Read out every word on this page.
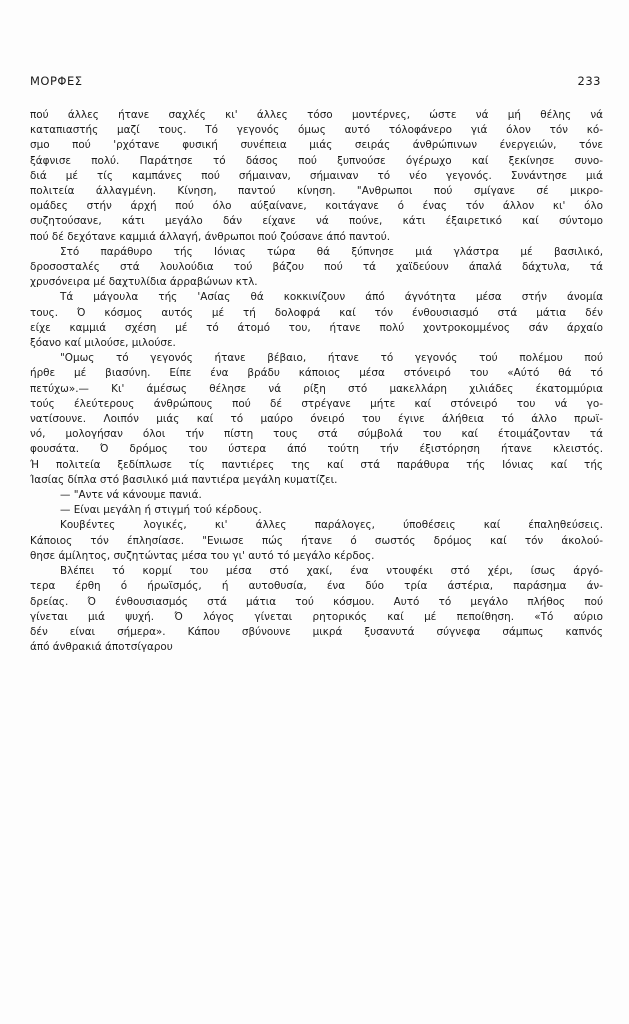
ΜΟΡΦΕΣ	233
πού άλλες ήτανε σαχλές κι' άλλες τόσο μοντέρνες, ώστε νά μή θέλης νά
καταπιαστής μαζί τους. Τό γεγονός όμως αυτό τόλοφάνερο γιά όλον τόν κό-
σμο πού 'ρχότανε φυσική συνέπεια μιάς σειράς άνθρώπινων ένεργειών, τόνε
ξάφνισε πολύ. Παράτησε τό δάσος πού ξυπνούσε όγέρωχο καί ξεκίνησε συνο-
διά μέ τίς καμπάνες πού σήμαιναν, σήμαιναν τό νέο γεγονός. Συνάντησε μιά
πολιτεία άλλαγμένη. Κίνηση, παντού κίνηση. "Ανθρωποι πού σμίγανε σέ μικρο-
ομάδες στήν άρχή πού όλο αύξαίνανε, κοιτάγανε ό ένας τόν άλλον κι' όλο
συζητούσανε, κάτι μεγάλο δάν είχανε νά πούνε, κάτι έξαιρετικό καί σύντομο
πού δέ δεχότανε καμμιά άλλαγή, άνθρωποι πού ζούσανε άπό παντού.
Στό παράθυρο τής Ιόνιας τώρα θά ξύπνησε μιά γλάστρα μέ βασιλικό,
δροσοσταλές στά λουλούδια τού βάζου πού τά χαϊδεύουν άπαλά δάχτυλα, τά
χρυσόνειρα μέ δαχτυλίδια άρραβώνων κτλ.
Τά μάγουλα τής 'Ασίας θά κοκκινίζουν άπό άγνότητα μέσα στήν άνομία
τους. Ό κόσμος αυτός μέ τή δολοφρά καί τόν ένθουσιασμό στά μάτια δέν
είχε καμμιά σχέση μέ τό άτομό του, ήτανε πολύ χοντροκομμένος σάν άρχαίο
ξόανο καί μιλούσε, μιλούσε.
"Ομως τό γεγονός ήτανε βέβαιο, ήτανε τό γεγονός τού πολέμου πού
ήρθε μέ βιασύνη. Είπε ένα βράδυ κάποιος μέσα στόνειρό του «Αύτό θά τό
πετύχω».— Κι' άμέσως θέλησε νά ρίξη στό μακελλάρη χιλιάδες έκατομμύρια
τούς έλεύτερους άνθρώπους πού δέ στρέγανε μήτε καί στόνειρό του νά γο-
νατίσουνε. Λοιπόν μιάς καί τό μαύρο όνειρό του έγινε άλήθεια τό άλλο πρωϊ-
νό, μολογήσαν όλοι τήν πίστη τους στά σύμβολά του καί έτοιμάζονταν τά
φουσάτα. Ό δρόμος του ύστερα άπό τούτη τήν έξιστόρηση ήτανε κλειστός.
Ή πολιτεία ξεδίπλωσε τίς παντιέρες της καί στά παράθυρα τής Ιόνιας καί τής
Ίασίας δίπλα στό βασιλικό μιά παντιέρα μεγάλη κυματίζει.
— "Αντε νά κάνουμε πανιά.
— Είναι μεγάλη ή στιγμή τού κέρδους.
Κουβέντες λογικές, κι' άλλες παράλογες, ύποθέσεις καί έπαληθεύσεις.
Κάποιος τόν έπλησίασε. "Ενιωσε πώς ήτανε ό σωστός δρόμος καί τόν άκολού-
θησε άμίλητος, συζητώντας μέσα του γι' αυτό τό μεγάλο κέρδος.
Βλέπει τό κορμί του μέσα στό χακί, ένα ντουφέκι στό χέρι, ίσως άργό-
τερα έρθη ό ήρωϊσμός, ή αυτοθυσία, ένα δύο τρία άστέρια, παράσημα άν-
δρείας. Ό ένθουσιασμός στά μάτια τού κόσμου. Αυτό τό μεγάλο πλήθος πού
γίνεται μιά ψυχή. Ό λόγος γίνεται ρητορικός καί μέ πεποίθηση. «Τό αύριο
δέν είναι σήμερα». Κάπου σβύνουνε μικρά ξυσανυτά σύγνεφα σάμπως καπνός
άπό άνθρακιά άποτσίγαρου
